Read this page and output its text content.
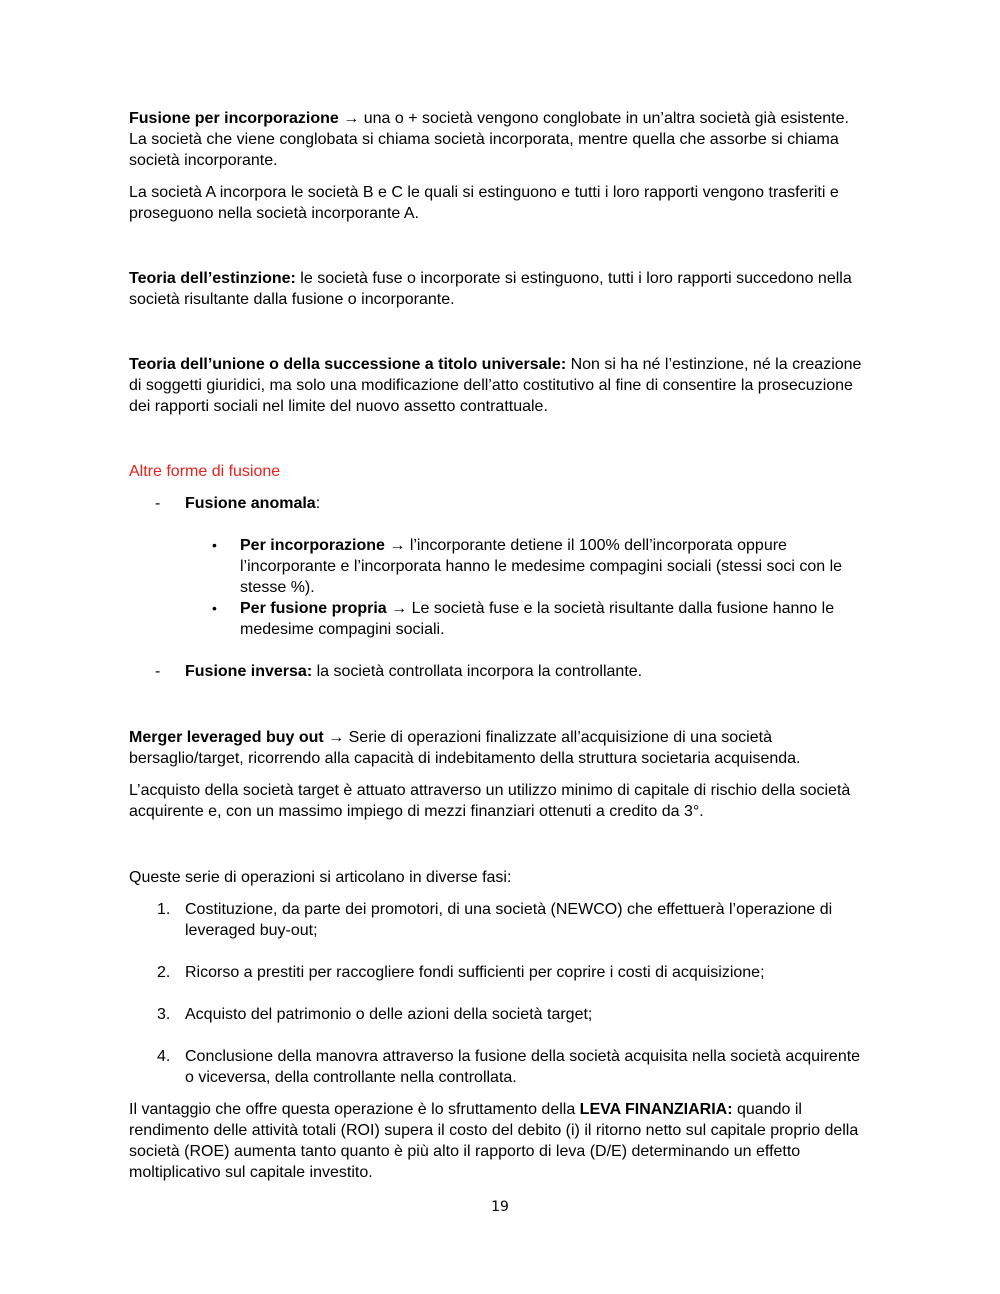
Fusione per incorporazione → una o + società vengono conglobate in un’altra società già esistente. La società che viene conglobata si chiama società incorporata, mentre quella che assorbe si chiama società incorporante.

La società A incorpora le società B e C le quali si estinguono e tutti i loro rapporti vengono trasferiti e proseguono nella società incorporante A.

Teoria dell’estinzione: le società fuse o incorporate si estinguono, tutti i loro rapporti succedono nella società risultante dalla fusione o incorporante.

Teoria dell’unione o della successione a titolo universale: Non si ha né l’estinzione, né la creazione di soggetti giuridici, ma solo una modificazione dell’atto costitutivo al fine di consentire la prosecuzione dei rapporti sociali nel limite del nuovo assetto contrattuale.

Altre forme di fusione

- Fusione anomala:
• Per incorporazione → l’incorporante detiene il 100% dell’incorporata oppure l’incorporante e l’incorporata hanno le medesime compagini sociali (stessi soci con le stesse %).
• Per fusione propria → Le società fuse e la società risultante dalla fusione hanno le medesime compagini sociali.
- Fusione inversa: la società controllata incorpora la controllante.

Merger leveraged buy out → Serie di operazioni finalizzate all’acquisizione di una società bersaglio/target, ricorrendo alla capacità di indebitamento della struttura societaria acquisenda.

L’acquisto della società target è attuato attraverso un utilizzo minimo di capitale di rischio della società acquirente e, con un massimo impiego di mezzi finanziari ottenuti a credito da 3°.

Queste serie di operazioni si articolano in diverse fasi:

1. Costituzione, da parte dei promotori, di una società (NEWCO) che effettuerà l’operazione di leveraged buy-out;
2. Ricorso a prestiti per raccogliere fondi sufficienti per coprire i costi di acquisizione;
3. Acquisto del patrimonio o delle azioni della società target;
4. Conclusione della manovra attraverso la fusione della società acquisita nella società acquirente o viceversa, della controllante nella controllata.

Il vantaggio che offre questa operazione è lo sfruttamento della LEVA FINANZIARIA: quando il rendimento delle attività totali (ROI) supera il costo del debito (i) il ritorno netto sul capitale proprio della società (ROE) aumenta tanto quanto è più alto il rapporto di leva (D/E) determinando un effetto moltiplicativo sul capitale investito.

19
